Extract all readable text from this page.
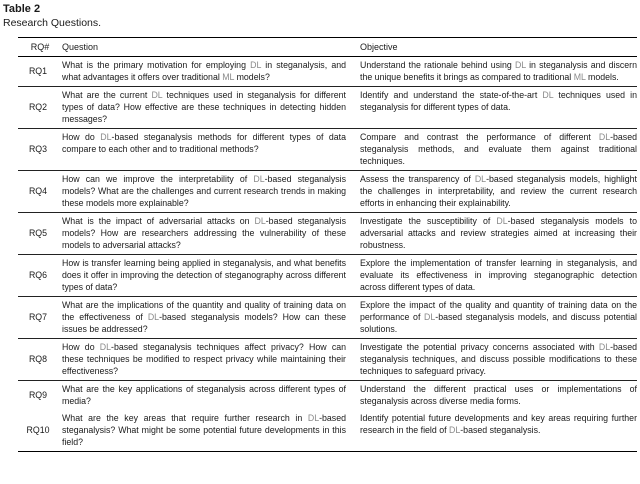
Table 2
Research Questions.
RQ#	Question	Objective
RQ1	What is the primary motivation for employing DL in steganalysis, and what advantages it offers over traditional ML models?	Understand the rationale behind using DL in steganalysis and discern the unique benefits it brings as compared to traditional ML models.
RQ2	What are the current DL techniques used in steganalysis for different types of data? How effective are these techniques in detecting hidden messages?	Identify and understand the state-of-the-art DL techniques used in steganalysis for different types of data.
RQ3	How do DL-based steganalysis methods for different types of data compare to each other and to traditional methods?	Compare and contrast the performance of different DL-based steganalysis methods, and evaluate them against traditional techniques.
RQ4	How can we improve the interpretability of DL-based steganalysis models? What are the challenges and current research trends in making these models more explainable?	Assess the transparency of DL-based steganalysis models, highlight the challenges in interpretability, and review the current research efforts in enhancing their explainability.
RQ5	What is the impact of adversarial attacks on DL-based steganalysis models? How are researchers addressing the vulnerability of these models to adversarial attacks?	Investigate the susceptibility of DL-based steganalysis models to adversarial attacks and review strategies aimed at increasing their robustness.
RQ6	How is transfer learning being applied in steganalysis, and what benefits does it offer in improving the detection of steganography across different types of data?	Explore the implementation of transfer learning in steganalysis, and evaluate its effectiveness in improving steganographic detection across different types of data.
RQ7	What are the implications of the quantity and quality of training data on the effectiveness of DL-based steganalysis models? How can these issues be addressed?	Explore the impact of the quality and quantity of training data on the performance of DL-based steganalysis models, and discuss potential solutions.
RQ8	How do DL-based steganalysis techniques affect privacy? How can these techniques be modified to respect privacy while maintaining their effectiveness?	Investigate the potential privacy concerns associated with DL-based steganalysis techniques, and discuss possible modifications to these techniques to safeguard privacy.
RQ9	What are the key applications of steganalysis across different types of media?	Understand the different practical uses or implementations of steganalysis across diverse media forms.
RQ10	What are the key areas that require further research in DL-based steganalysis? What might be some potential future developments in this field?	Identify potential future developments and key areas requiring further research in the field of DL-based steganalysis.
